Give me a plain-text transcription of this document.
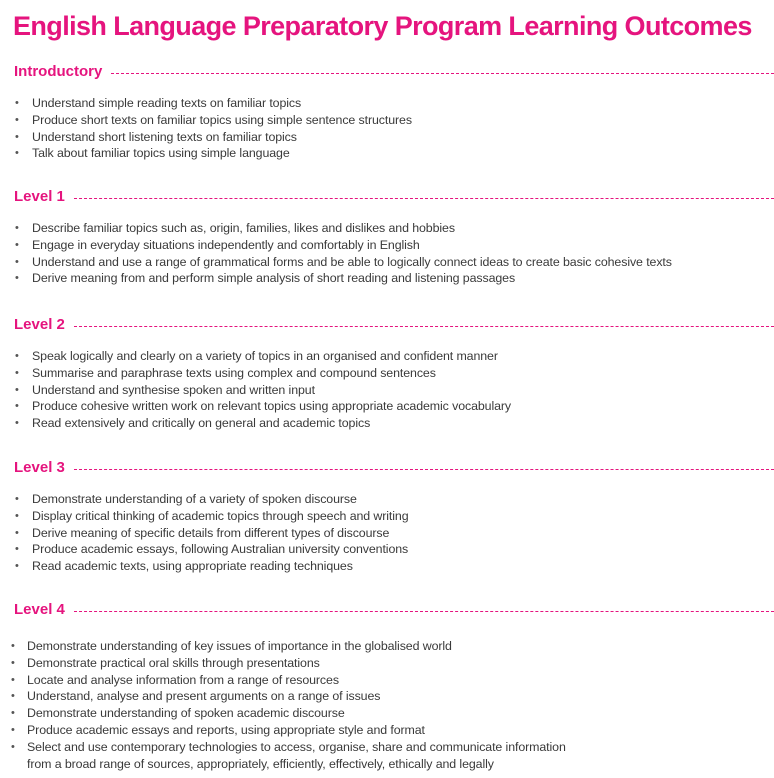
English Language Preparatory Program Learning Outcomes
Introductory
• Understand simple reading texts on familiar topics
• Produce short texts on familiar topics using simple sentence structures
• Understand short listening texts on familiar topics
• Talk about familiar topics using simple language
Level 1
• Describe familiar topics such as, origin, families, likes and dislikes and hobbies
• Engage in everyday situations independently and comfortably in English
• Understand and use a range of grammatical forms and be able to logically connect ideas to create basic cohesive texts
• Derive meaning from and perform simple analysis of short reading and listening passages
Level 2
• Speak logically and clearly on a variety of topics in an organised and confident manner
• Summarise and paraphrase texts using complex and compound sentences
• Understand and synthesise spoken and written input
• Produce cohesive written work on relevant topics using appropriate academic vocabulary
• Read extensively and critically on general and academic topics
Level 3
• Demonstrate understanding of a variety of spoken discourse
• Display critical thinking of academic topics through speech and writing
• Derive meaning of specific details from different types of discourse
• Produce academic essays, following Australian university conventions
• Read academic texts, using appropriate reading techniques
Level 4
• Demonstrate understanding of key issues of importance in the globalised world
• Demonstrate practical oral skills through presentations
• Locate and analyse information from a range of resources
• Understand, analyse and present arguments on a range of issues
• Demonstrate understanding of spoken academic discourse
• Produce academic essays and reports, using appropriate style and format
• Select and use contemporary technologies to access, organise, share and communicate information
from a broad range of sources, appropriately, efficiently, effectively, ethically and legally
